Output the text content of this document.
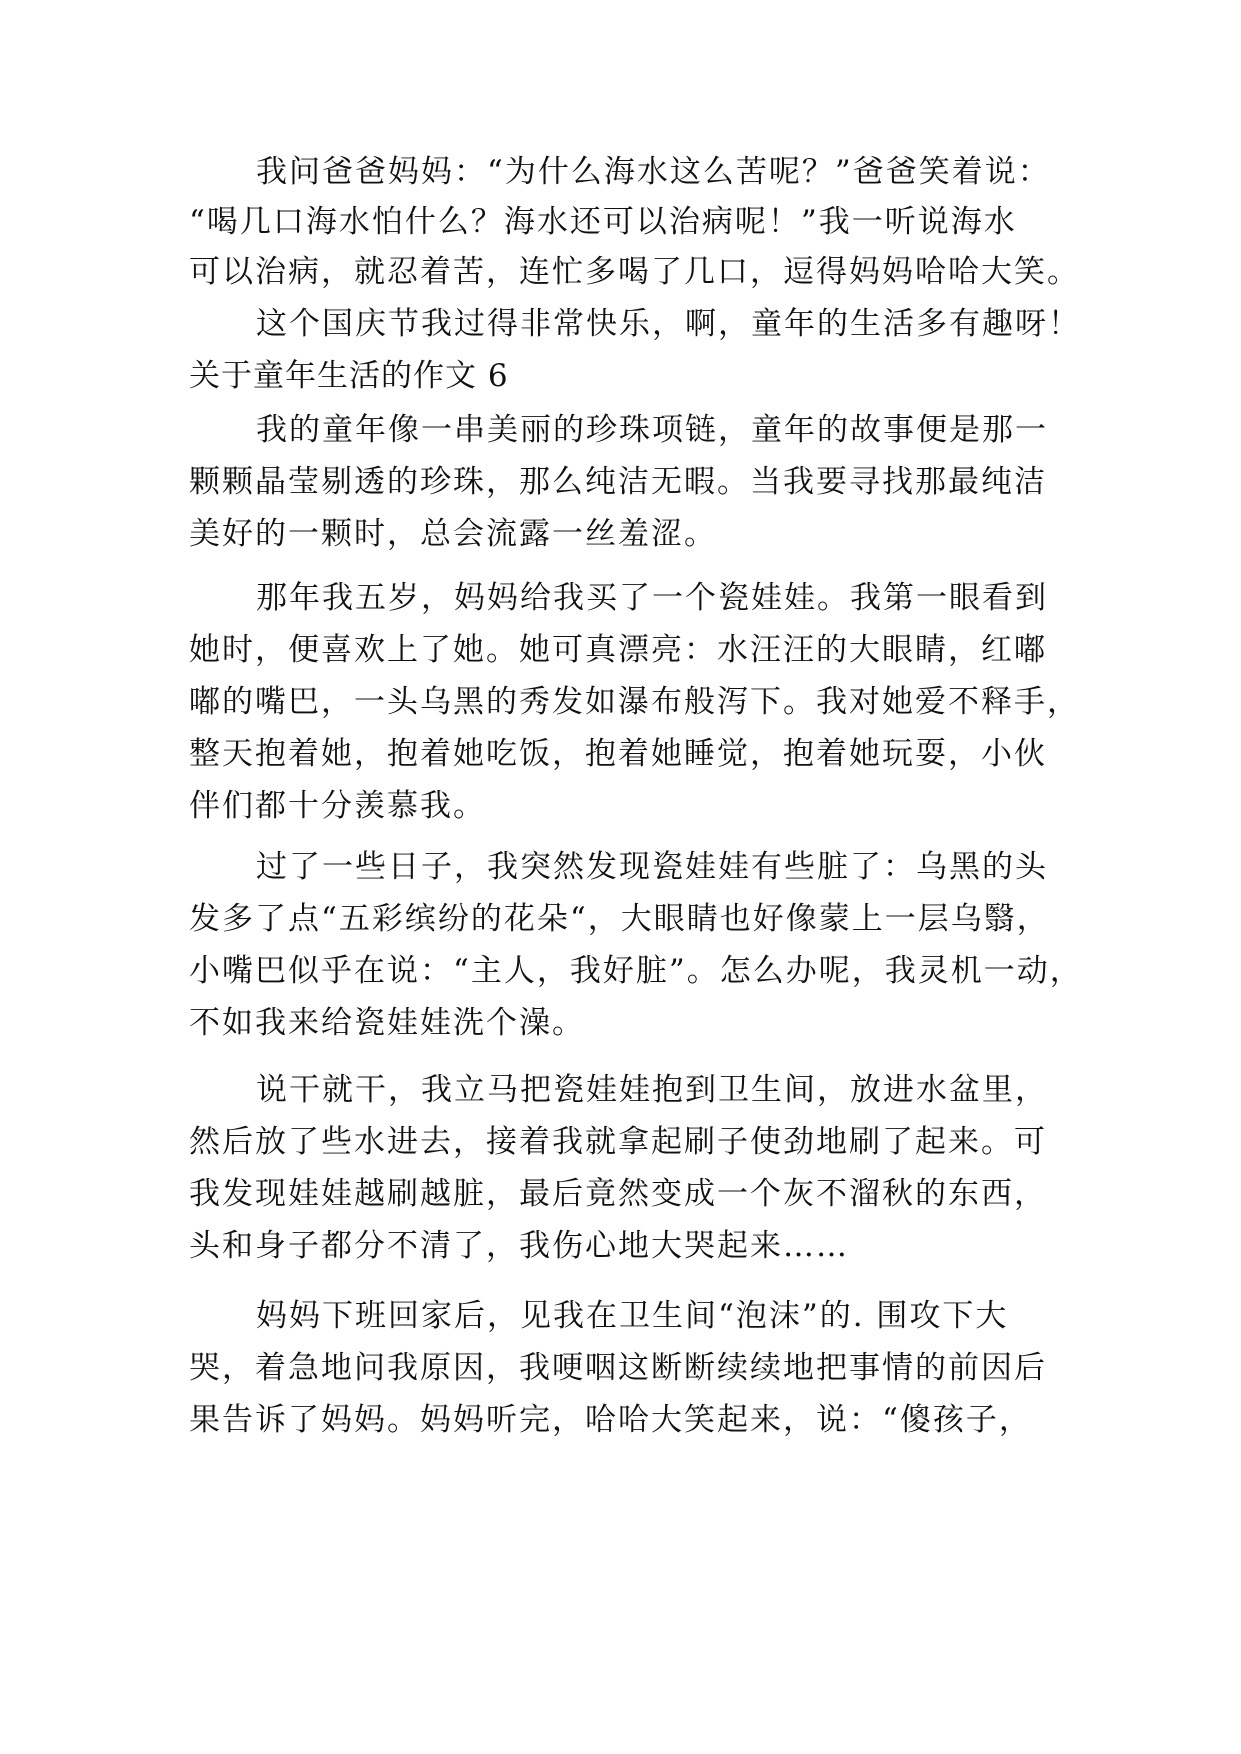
我问爸爸妈妈：“为什么海水这么苦呢？”爸爸笑着说：
“喝几口海水怕什么？海水还可以治病呢！”我一听说海水
可以治病，就忍着苦，连忙多喝了几口，逗得妈妈哈哈大笑。
这个国庆节我过得非常快乐，啊，童年的生活多有趣呀！
关于童年生活的作文 6
我的童年像一串美丽的珍珠项链，童年的故事便是那一
颗颗晶莹剔透的珍珠，那么纯洁无暇。当我要寻找那最纯洁
美好的一颗时，总会流露一丝羞涩。
那年我五岁，妈妈给我买了一个瓷娃娃。我第一眼看到
她时，便喜欢上了她。她可真漂亮：水汪汪的大眼睛，红嘟
嘟的嘴巴，一头乌黑的秀发如瀑布般泻下。我对她爱不释手，
整天抱着她，抱着她吃饭，抱着她睡觉，抱着她玩耍，小伙
伴们都十分羡慕我。
过了一些日子，我突然发现瓷娃娃有些脏了：乌黑的头
发多了点“五彩缤纷的花朵“，大眼睛也好像蒙上一层乌翳，
小嘴巴似乎在说：“主人，我好脏”。怎么办呢，我灵机一动，
不如我来给瓷娃娃洗个澡。
说干就干，我立马把瓷娃娃抱到卫生间，放进水盆里，
然后放了些水进去，接着我就拿起刷子使劲地刷了起来。可
我发现娃娃越刷越脏，最后竟然变成一个灰不溜秋的东西，
头和身子都分不清了，我伤心地大哭起来……
妈妈下班回家后，见我在卫生间“泡沫”的. 围攻下大
哭，着急地问我原因，我哽咽这断断续续地把事情的前因后
果告诉了妈妈。妈妈听完，哈哈大笑起来，说：“傻孩子，
